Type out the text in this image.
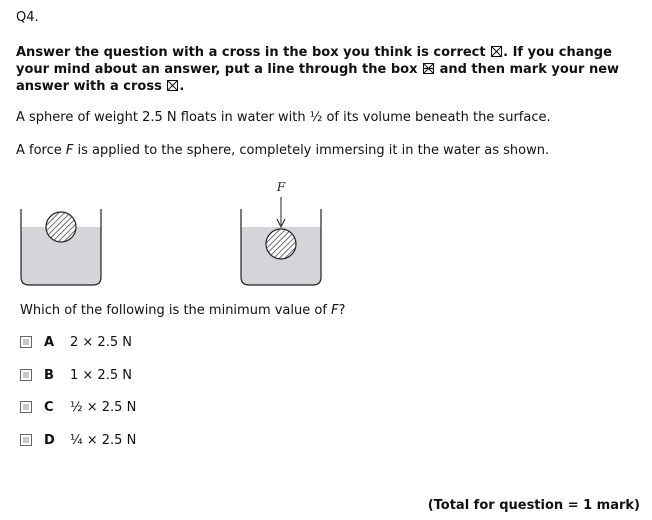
Q4.
Answer the question with a cross in the box you think is correct ☒. If you change your mind about an answer, put a line through the box and then mark your new answer with a cross ☒.
A sphere of weight 2.5 N floats in water with ½ of its volume beneath the surface.
A force F is applied to the sphere, completely immersing it in the water as shown.
F
Which of the following is the minimum value of F?
A	2 × 2.5 N
B	1 × 2.5 N
C	½ × 2.5 N
D	¼ × 2.5 N
(Total for question = 1 mark)
